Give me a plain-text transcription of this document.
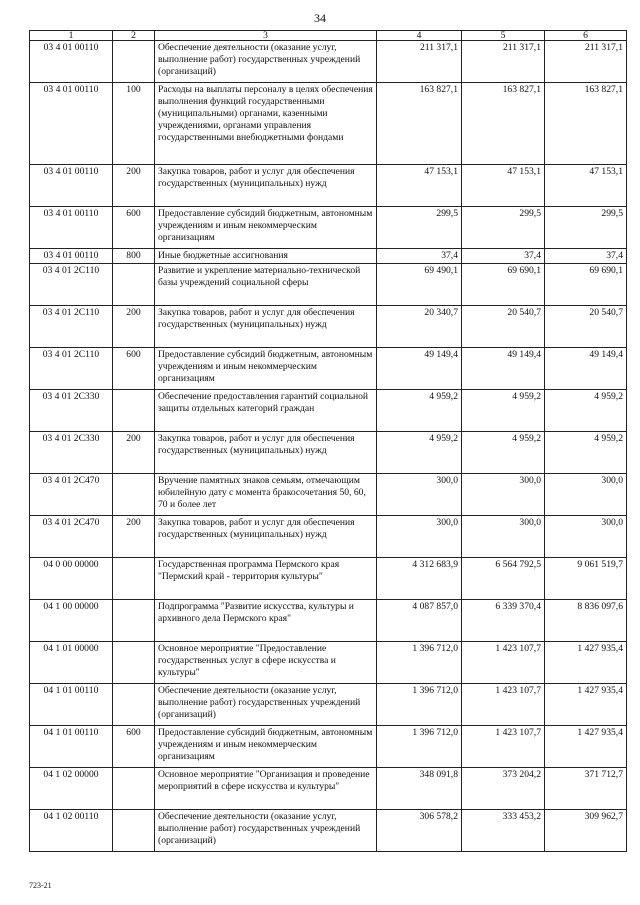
34
1	2	3	4	5	6
03 4 01 00110		Обеспечение деятельности (оказание услуг, выполнение работ) государственных учреждений (организаций)	211 317,1	211 317,1	211 317,1
03 4 01 00110	100	Расходы на выплаты персоналу в целях обеспечения выполнения функций государственными (муниципальными) органами, казенными учреждениями, органами управления государственными внебюджетными фондами	163 827,1	163 827,1	163 827,1
03 4 01 00110	200	Закупка товаров, работ и услуг для обеспечения государственных (муниципальных) нужд	47 153,1	47 153,1	47 153,1
03 4 01 00110	600	Предоставление субсидий бюджетным, автономным учреждениям и иным некоммерческим организациям	299,5	299,5	299,5
03 4 01 00110	800	Иные бюджетные ассигнования	37,4	37,4	37,4
03 4 01 2C110		Развитие и укрепление материально-технической базы учреждений социальной сферы	69 490,1	69 690,1	69 690,1
03 4 01 2C110	200	Закупка товаров, работ и услуг для обеспечения государственных (муниципальных) нужд	20 340,7	20 540,7	20 540,7
03 4 01 2C110	600	Предоставление субсидий бюджетным, автономным учреждениям и иным некоммерческим организациям	49 149,4	49 149,4	49 149,4
03 4 01 2C330		Обеспечение предоставления гарантий социальной защиты отдельных категорий граждан	4 959,2	4 959,2	4 959,2
03 4 01 2C330	200	Закупка товаров, работ и услуг для обеспечения государственных (муниципальных) нужд	4 959,2	4 959,2	4 959,2
03 4 01 2C470		Вручение памятных знаков семьям, отмечающим юбилейную дату с момента бракосочетания 50, 60, 70 и более лет	300,0	300,0	300,0
03 4 01 2C470	200	Закупка товаров, работ и услуг для обеспечения государственных (муниципальных) нужд	300,0	300,0	300,0
04 0 00 00000		Государственная программа Пермского края "Пермский край - территория культуры"	4 312 683,9	6 564 792,5	9 061 519,7
04 1 00 00000		Подпрограмма "Развитие искусства, культуры и архивного дела Пермского края"	4 087 857,0	6 339 370,4	8 836 097,6
04 1 01 00000		Основное мероприятие "Предоставление государственных услуг в сфере искусства и культуры"	1 396 712,0	1 423 107,7	1 427 935,4
04 1 01 00110		Обеспечение деятельности (оказание услуг, выполнение работ) государственных учреждений (организаций)	1 396 712,0	1 423 107,7	1 427 935,4
04 1 01 00110	600	Предоставление субсидий бюджетным, автономным учреждениям и иным некоммерческим организациям	1 396 712,0	1 423 107,7	1 427 935,4
04 1 02 00000		Основное мероприятие "Организация и проведение мероприятий в сфере искусства и культуры"	348 091,8	373 204,2	371 712,7
04 1 02 00110		Обеспечение деятельности (оказание услуг, выполнение работ) государственных учреждений (организаций)	306 578,2	333 453,2	309 962,7
723-21
